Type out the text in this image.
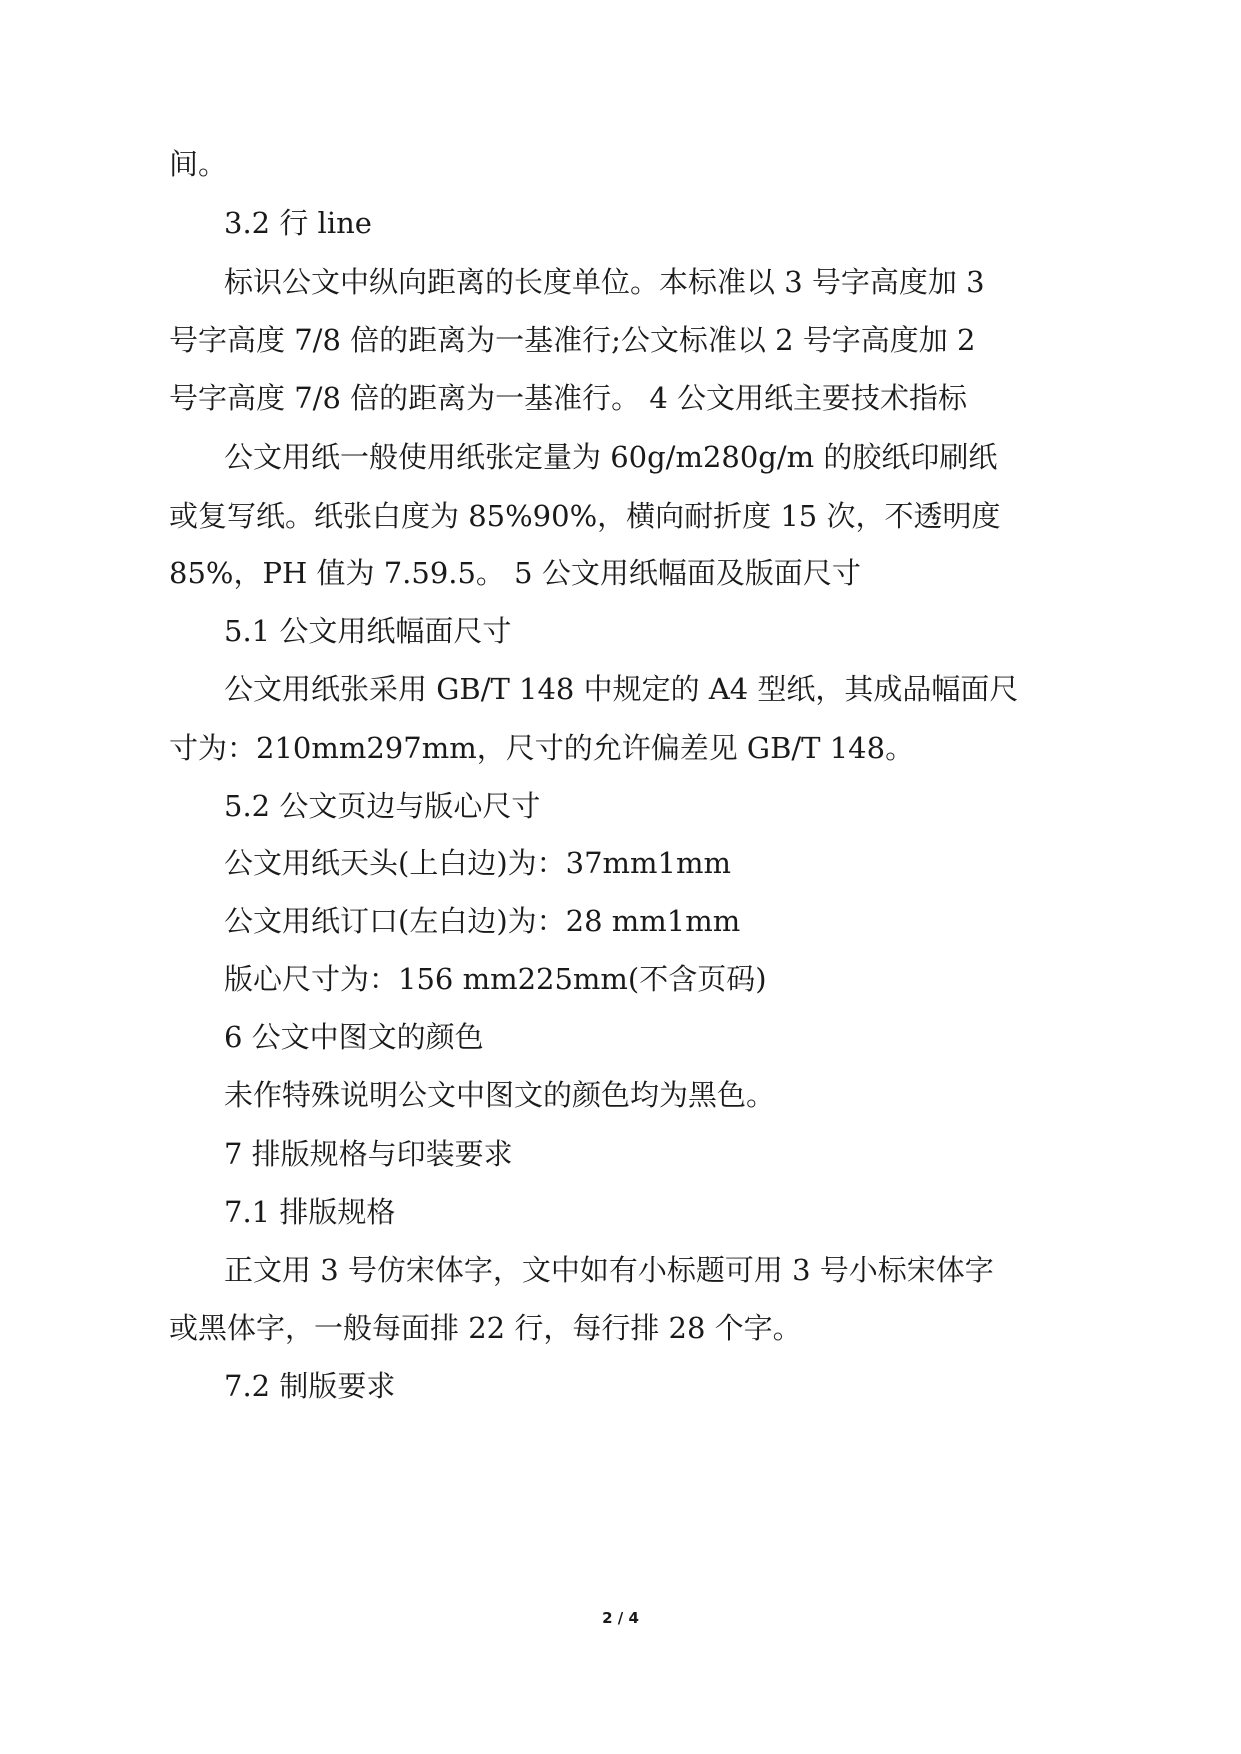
间。
3.2 行 line
标识公文中纵向距离的长度单位。本标准以 3 号字高度加 3
号字高度 7/8 倍的距离为一基准行;公文标准以 2 号字高度加 2
号字高度 7/8 倍的距离为一基准行。 4 公文用纸主要技术指标
公文用纸一般使用纸张定量为 60g/m280g/m 的胶纸印刷纸
或复写纸。纸张白度为 85%90%，横向耐折度 15 次，不透明度
85%，PH 值为 7.59.5。 5 公文用纸幅面及版面尺寸
5.1 公文用纸幅面尺寸
公文用纸张采用 GB/T 148 中规定的 A4 型纸，其成品幅面尺
寸为：210mm297mm，尺寸的允许偏差见 GB/T 148。
5.2 公文页边与版心尺寸
公文用纸天头(上白边)为：37mm1mm
公文用纸订口(左白边)为：28 mm1mm
版心尺寸为：156 mm225mm(不含页码)
6 公文中图文的颜色
未作特殊说明公文中图文的颜色均为黑色。
7 排版规格与印装要求
7.1 排版规格
正文用 3 号仿宋体字，文中如有小标题可用 3 号小标宋体字
或黑体字，一般每面排 22 行，每行排 28 个字。
7.2 制版要求
2 / 4
